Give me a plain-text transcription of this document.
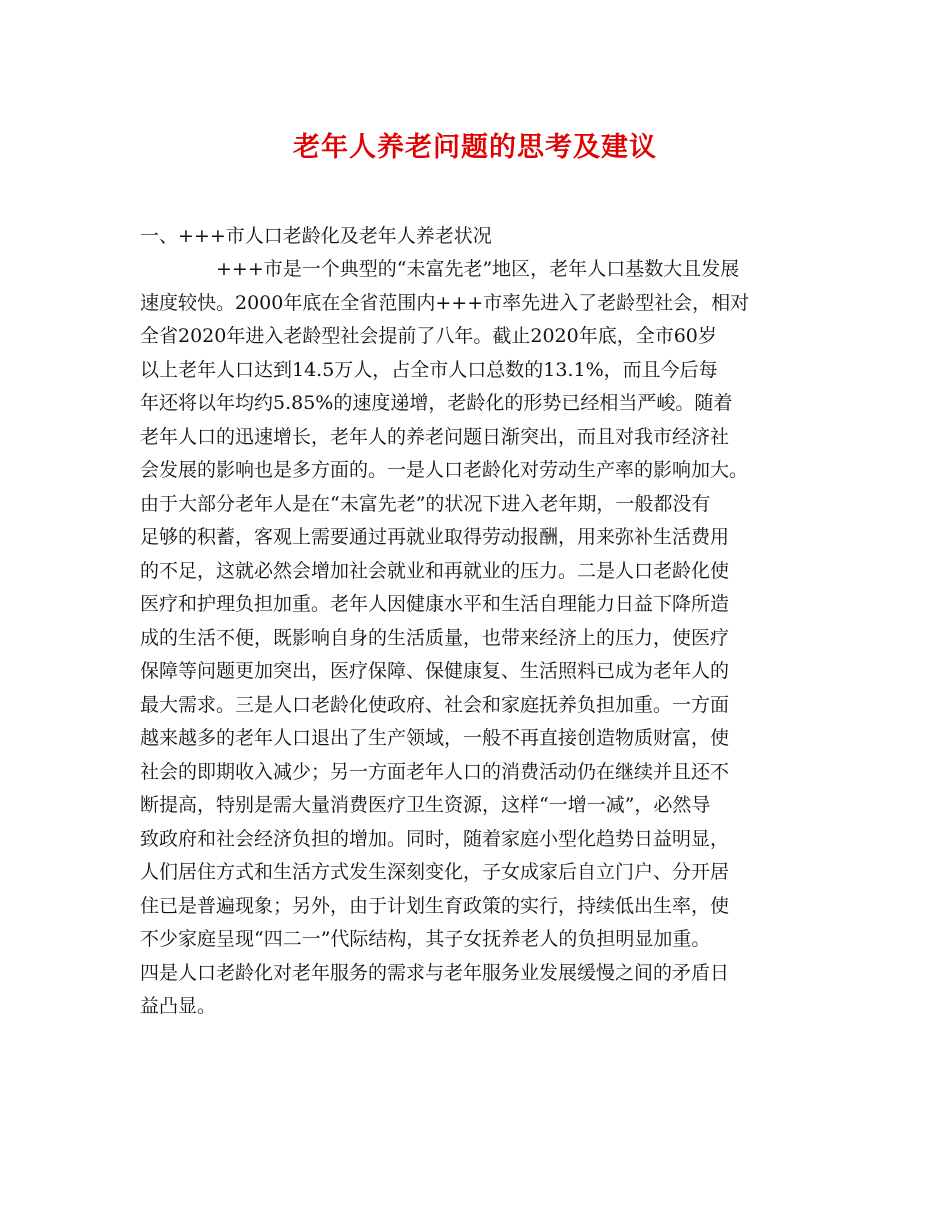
老年人养老问题的思考及建议

一、+++市人口老龄化及老年人养老状况

+++市是一个典型的“未富先老”地区，老年人口基数大且发展
速度较快。2000年底在全省范围内+++市率先进入了老龄型社会，相对
全省2020年进入老龄型社会提前了八年。截止2020年底，全市60岁
以上老年人口达到14.5万人，占全市人口总数的13.1%，而且今后每
年还将以年均约5.85%的速度递增，老龄化的形势已经相当严峻。随着
老年人口的迅速增长，老年人的养老问题日渐突出，而且对我市经济社
会发展的影响也是多方面的。一是人口老龄化对劳动生产率的影响加大。
由于大部分老年人是在“未富先老”的状况下进入老年期，一般都没有
足够的积蓄，客观上需要通过再就业取得劳动报酬，用来弥补生活费用
的不足，这就必然会增加社会就业和再就业的压力。二是人口老龄化使
医疗和护理负担加重。老年人因健康水平和生活自理能力日益下降所造
成的生活不便，既影响自身的生活质量，也带来经济上的压力，使医疗
保障等问题更加突出，医疗保障、保健康复、生活照料已成为老年人的
最大需求。三是人口老龄化使政府、社会和家庭抚养负担加重。一方面
越来越多的老年人口退出了生产领域，一般不再直接创造物质财富，使
社会的即期收入减少；另一方面老年人口的消费活动仍在继续并且还不
断提高，特别是需大量消费医疗卫生资源，这样“一增一减”，必然导
致政府和社会经济负担的增加。同时，随着家庭小型化趋势日益明显，
人们居住方式和生活方式发生深刻变化，子女成家后自立门户、分开居
住已是普遍现象；另外，由于计划生育政策的实行，持续低出生率，使
不少家庭呈现“四二一”代际结构，其子女抚养老人的负担明显加重。
四是人口老龄化对老年服务的需求与老年服务业发展缓慢之间的矛盾日
益凸显。
